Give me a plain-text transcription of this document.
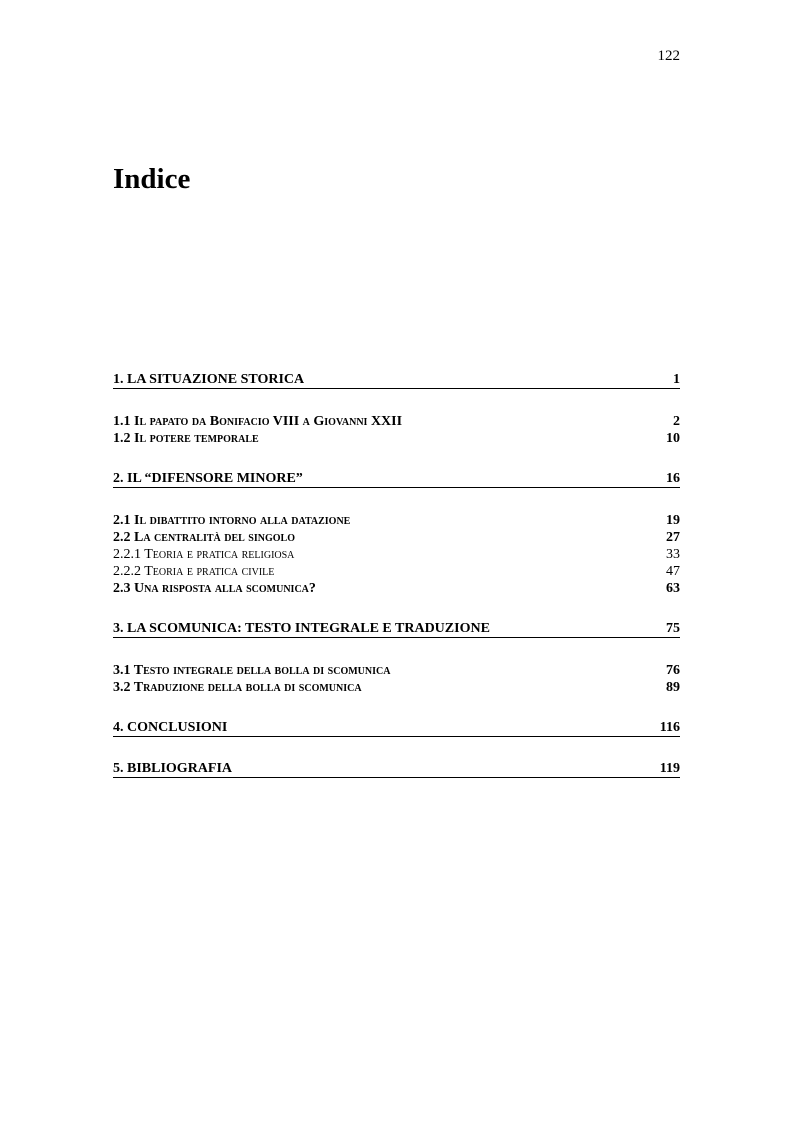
122
Indice
1. LA SITUAZIONE STORICA	1
1.1 Il papato da Bonifacio VIII a Giovanni XXII	2
1.2 Il potere temporale	10
2. IL “DIFENSORE MINORE”	16
2.1 Il dibattito intorno alla datazione	19
2.2 La centralità del singolo	27
2.2.1 Teoria e pratica religiosa	33
2.2.2 Teoria e pratica civile	47
2.3 Una risposta alla scomunica?	63
3. LA SCOMUNICA: TESTO INTEGRALE E TRADUZIONE	75
3.1 Testo integrale della bolla di scomunica	76
3.2 Traduzione della bolla di scomunica	89
4. CONCLUSIONI	116
5. BIBLIOGRAFIA	119
